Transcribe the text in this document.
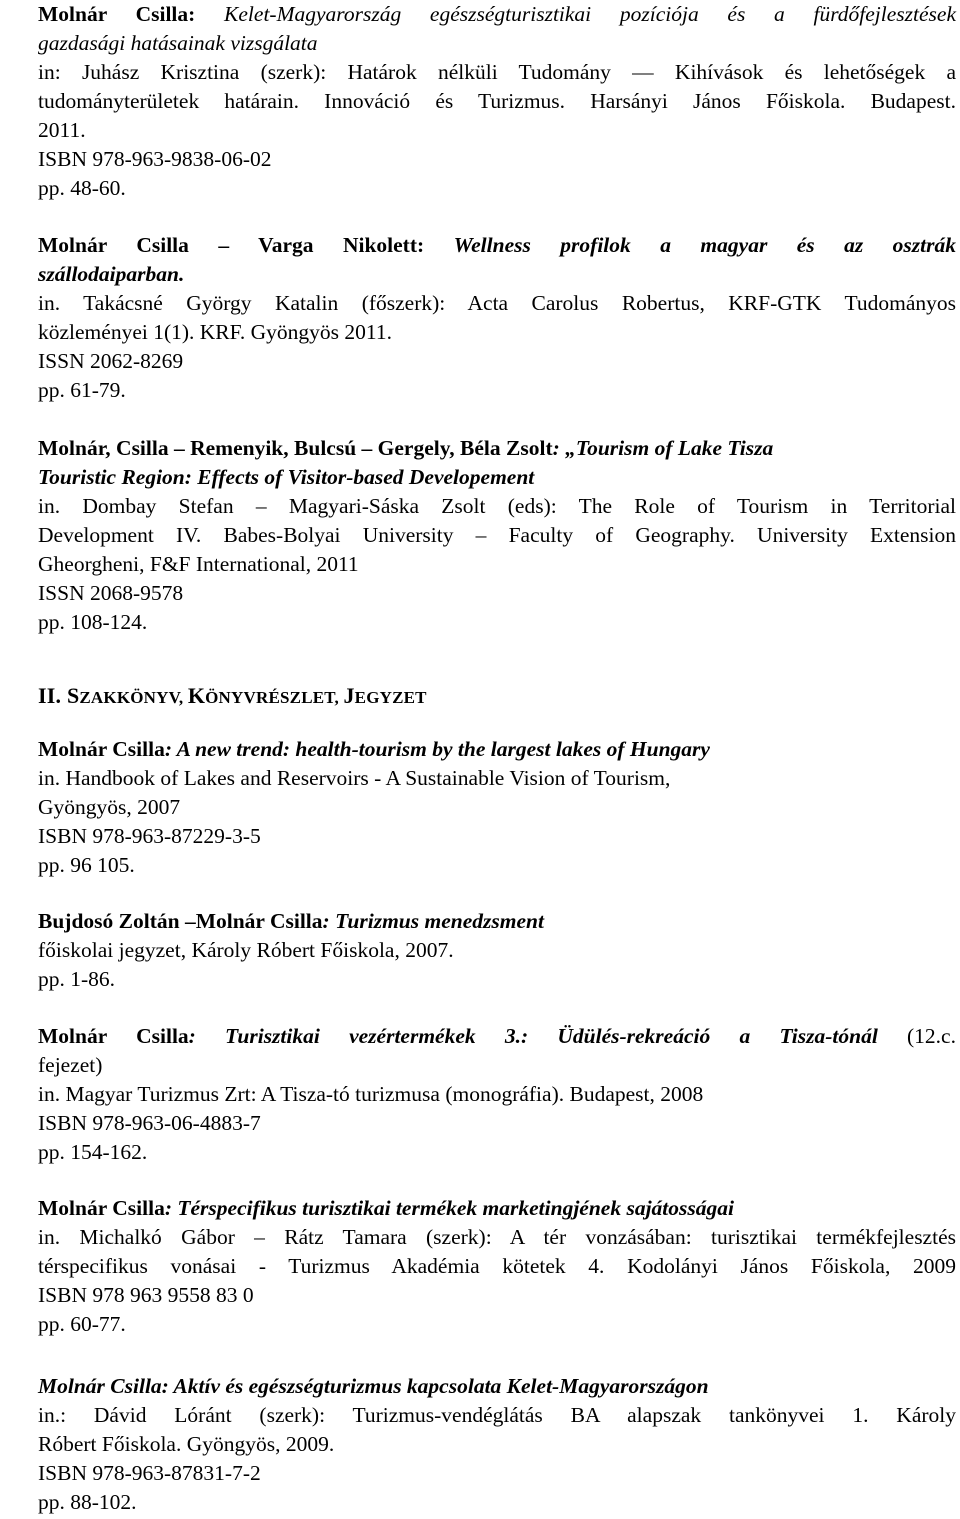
Molnár Csilla: Kelet-Magyarország egészségturisztikai pozíciója és a fürdőfejlesztések
gazdasági hatásainak vizsgálata
in: Juhász Krisztina (szerk): Határok nélküli Tudomány — Kihívások és lehetőségek a
tudományterületek határain. Innováció és Turizmus. Harsányi János Főiskola. Budapest.
2011.
ISBN 978-963-9838-06-02
pp. 48-60.
Molnár Csilla – Varga Nikolett: Wellness profilok a magyar és az osztrák
szállodaiparban.
in. Takácsné György Katalin (főszerk): Acta Carolus Robertus, KRF-GTK Tudományos
közleményei 1(1). KRF. Gyöngyös 2011.
ISSN 2062-8269
pp. 61-79.
Molnár, Csilla – Remenyik, Bulcsú – Gergely, Béla Zsolt: „Tourism of Lake Tisza
Touristic Region: Effects of Visitor-based Developement
in. Dombay Stefan – Magyari-Sáska Zsolt (eds): The Role of Tourism in Territorial
Development IV. Babes-Bolyai University – Faculty of Geography. University Extension
Gheorgheni, F&F International, 2011
ISSN 2068-9578
pp. 108-124.
II. SZAKKÖNYV, KÖNYVRÉSZLET, JEGYZET
Molnár Csilla: A new trend: health-tourism by the largest lakes of Hungary
in. Handbook of Lakes and Reservoirs - A Sustainable Vision of Tourism,
Gyöngyös, 2007
ISBN 978-963-87229-3-5
pp. 96 105.
Bujdosó Zoltán –Molnár Csilla: Turizmus menedzsment
főiskolai jegyzet, Károly Róbert Főiskola, 2007.
pp. 1-86.
Molnár Csilla: Turisztikai vezértermékek 3.: Üdülés-rekreáció a Tisza-tónál (12.c.
fejezet)
in. Magyar Turizmus Zrt: A Tisza-tó turizmusa (monográfia). Budapest, 2008
ISBN 978-963-06-4883-7
pp. 154-162.
Molnár Csilla: Térspecifikus turisztikai termékek marketingjének sajátosságai
in. Michalkó Gábor – Rátz Tamara (szerk): A tér vonzásában: turisztikai termékfejlesztés
térspecifikus vonásai - Turizmus Akadémia kötetek 4. Kodolányi János Főiskola, 2009
ISBN 978 963 9558 83 0
pp. 60-77.
Molnár Csilla: Aktív és egészségturizmus kapcsolata Kelet-Magyarországon
in.: Dávid Lóránt (szerk): Turizmus-vendéglátás BA alapszak tankönyvei 1. Károly
Róbert Főiskola. Gyöngyös, 2009.
ISBN 978-963-87831-7-2
pp. 88-102.
